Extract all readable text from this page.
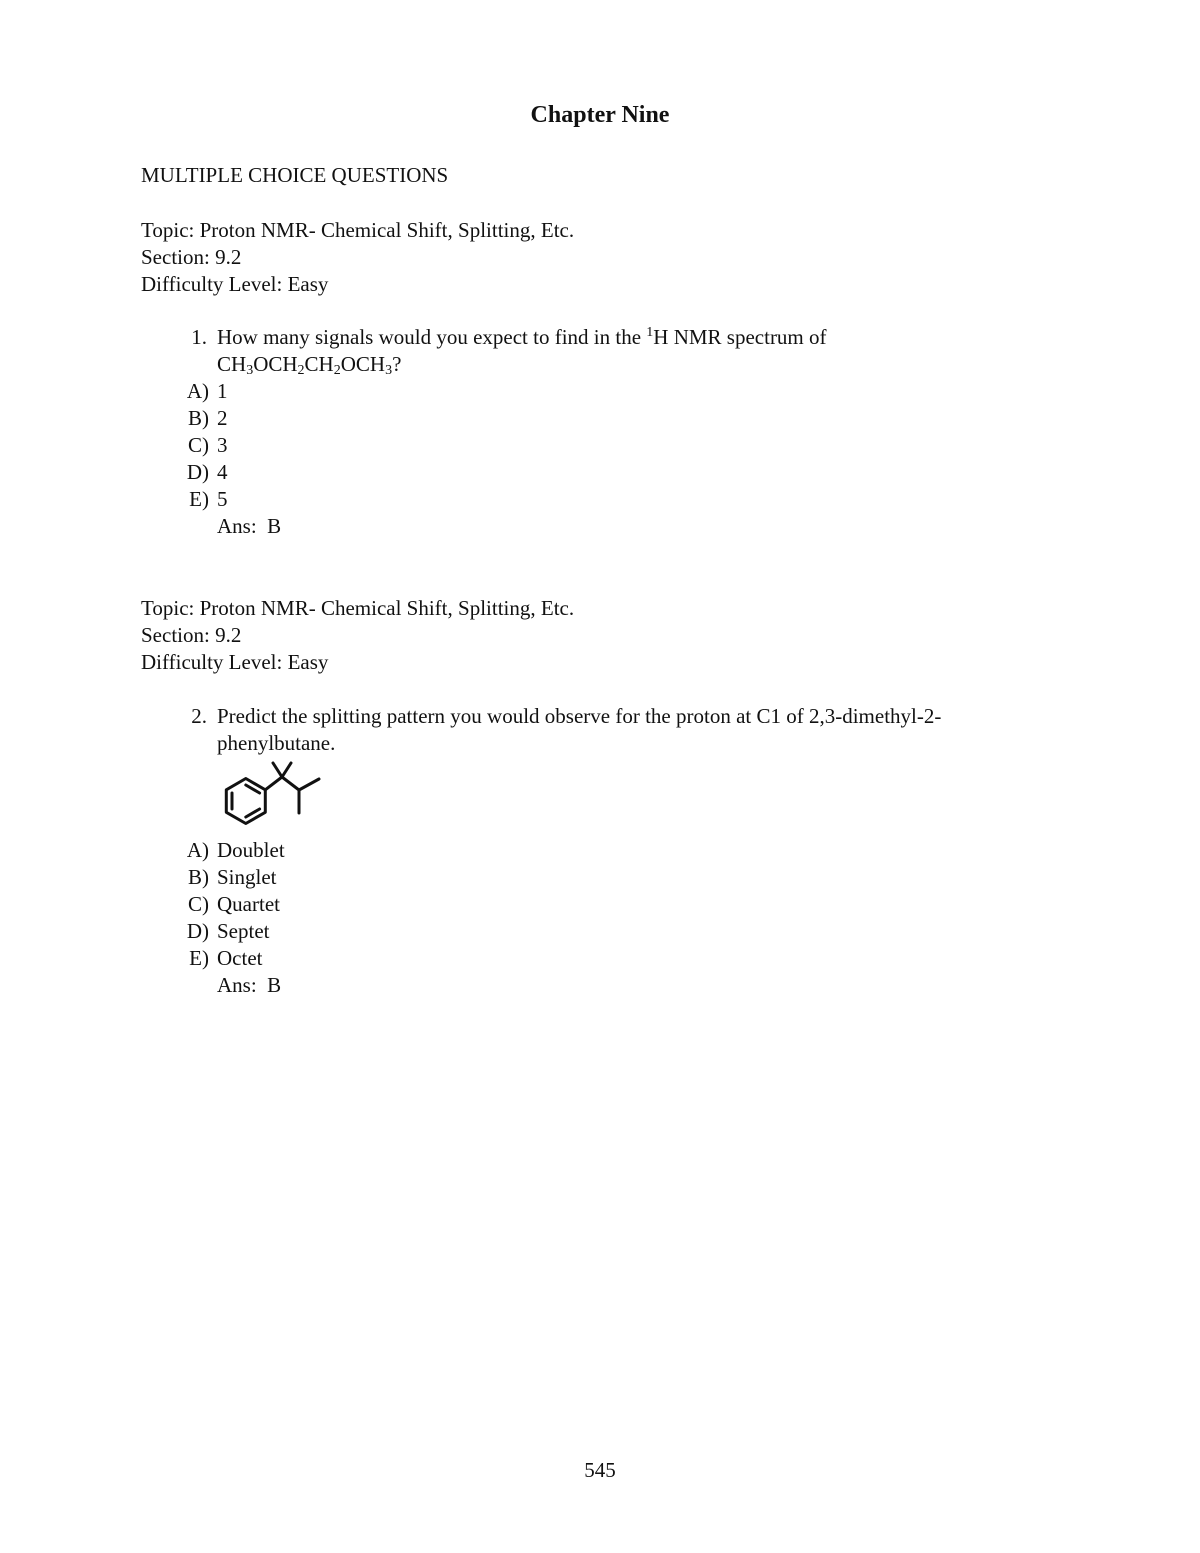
Chapter Nine
MULTIPLE CHOICE QUESTIONS
Topic: Proton NMR- Chemical Shift, Splitting, Etc.
Section: 9.2
Difficulty Level: Easy
1. How many signals would you expect to find in the $^1$H NMR spectrum of
$CH_3OCH_2CH_2OCH_3$?
A) 1
B) 2
C) 3
D) 4
E) 5
Ans:  B
Topic: Proton NMR- Chemical Shift, Splitting, Etc.
Section: 9.2
Difficulty Level: Easy
2. Predict the splitting pattern you would observe for the proton at C1 of 2,3-dimethyl-2-
phenylbutane.
A) Doublet
B) Singlet
C) Quartet
D) Septet
E) Octet
Ans:  B
545
